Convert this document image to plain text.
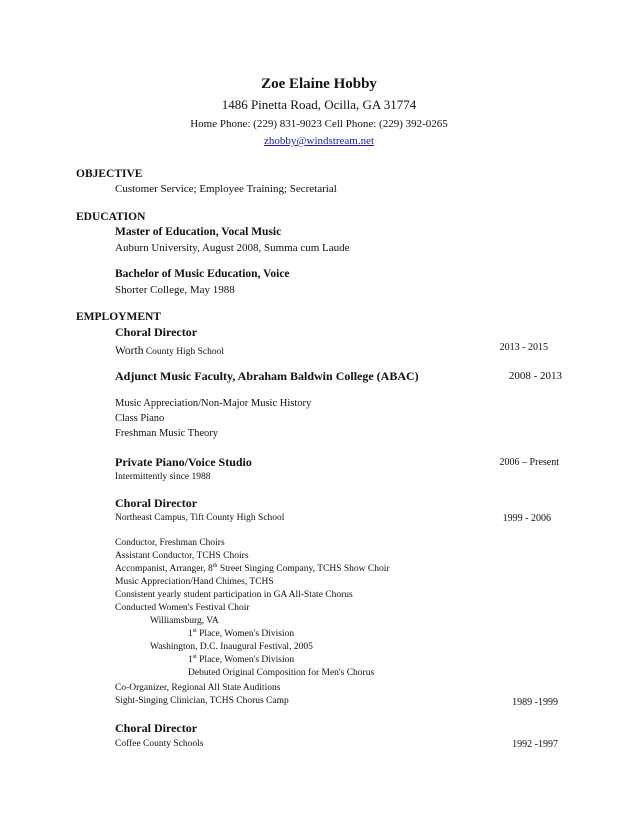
Zoe Elaine Hobby
1486 Pinetta Road, Ocilla, GA 31774
Home Phone: (229) 831-9023 Cell Phone: (229) 392-0265
zhobby@windstream.net
OBJECTIVE
Customer Service; Employee Training; Secretarial
EDUCATION
Master of Education, Vocal Music
Auburn University, August 2008, Summa cum Laude
Bachelor of Music Education, Voice
Shorter College, May 1988
EMPLOYMENT
Choral Director
Worth County High School	2013 - 2015
Adjunct Music Faculty, Abraham Baldwin College (ABAC)	2008 - 2013
Music Appreciation/Non-Major Music History
Class Piano
Freshman Music Theory
Private Piano/Voice Studio	2006 – Present
Intermittently since 1988
Choral Director
Northeast Campus, Tift County High School	1999 - 2006
Conductor, Freshman Choirs
Assistant Conductor, TCHS Choirs
Accompanist, Arranger, 8th Street Singing Company, TCHS Show Choir
Music Appreciation/Hand Chimes, TCHS
Consistent yearly student participation in GA All-State Chorus
Conducted Women's Festival Choir
Williamsburg, VA
1st Place, Women's Division
Washington, D.C. Inaugural Festival, 2005
1st Place, Women's Division
Debuted Original Composition for Men's Chorus
Co-Organizer, Regional All State Auditions
Sight-Singing Clinician, TCHS Chorus Camp	1989 -1999
Choral Director
Coffee County Schools	1992 -1997
